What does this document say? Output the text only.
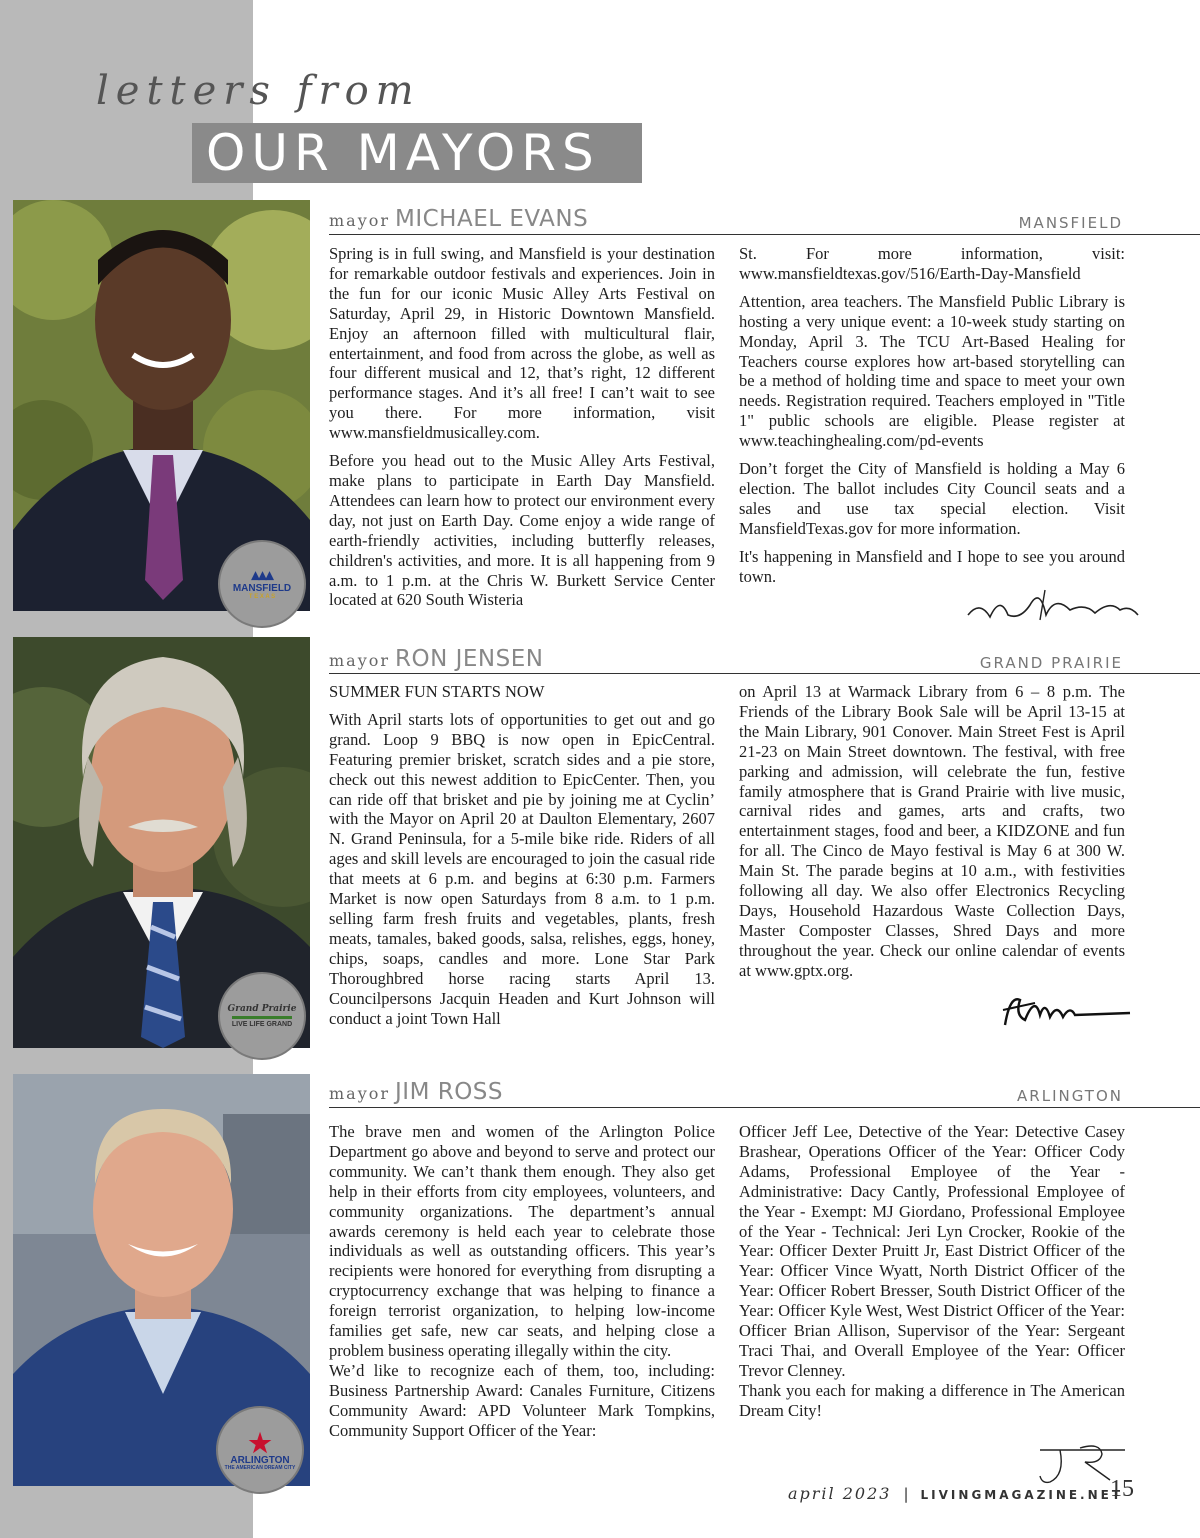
letters from
OUR MAYORS
▴▴▴
MANSFIELD
T E X A S
mayor MICHAEL EVANS	MANSFIELD

Spring is in full swing, and Mansfield is your destination for remarkable outdoor festivals and experiences. Join in the fun for our iconic Music Alley Arts Festival on Saturday, April 29, in Historic Downtown Mansfield. Enjoy an afternoon filled with multicultural flair, entertainment, and food from across the globe, as well as four different musical and 12, that’s right, 12 different performance stages. And it’s all free! I can’t wait to see you there. For more information, visit www.mansfieldmusicalley.com.

Before you head out to the Music Alley Arts Festival, make plans to participate in Earth Day Mansfield. Attendees can learn how to protect our environment every day, not just on Earth Day. Come enjoy a wide range of earth-friendly activities, including butterfly releases, children's activities, and more. It is all happening from 9 a.m. to 1 p.m. at the Chris W. Burkett Service Center located at 620 South Wisteria

St. For more information, visit: www.mansfieldtexas.gov/516/Earth-Day-Mansfield

Attention, area teachers. The Mansfield Public Library is hosting a very unique event: a 10-week study starting on Monday, April 3. The TCU Art-Based Healing for Teachers course explores how art-based storytelling can be a method of holding time and space to meet your own needs. Registration required. Teachers employed in "Title 1" public schools are eligible. Please register at www.teachinghealing.com/pd-events

Don’t forget the City of Mansfield is holding a May 6 election. The ballot includes City Council seats and a sales and use tax special election. Visit MansfieldTexas.gov for more information.

It's happening in Mansfield and I hope to see you around town.

Grand Prairie
LIVE LIFE GRAND
mayor RON JENSEN	GRAND PRAIRIE

SUMMER FUN STARTS NOW

With April starts lots of opportunities to get out and go grand. Loop 9 BBQ is now open in EpicCentral. Featuring premier brisket, scratch sides and a pie store, check out this newest addition to EpicCenter. Then, you can ride off that brisket and pie by joining me at Cyclin’ with the Mayor on April 20 at Daulton Elementary, 2607 N. Grand Peninsula, for a 5-mile bike ride. Riders of all ages and skill levels are encouraged to join the casual ride that meets at 6 p.m. and begins at 6:30 p.m. Farmers Market is now open Saturdays from 8 a.m. to 1 p.m. selling farm fresh fruits and vegetables, plants, fresh meats, tamales, baked goods, salsa, relishes, eggs, honey, chips, soaps, candles and more. Lone Star Park Thoroughbred horse racing starts April 13. Councilpersons Jacquin Headen and Kurt Johnson will conduct a joint Town Hall

on April 13 at Warmack Library from 6 – 8 p.m. The Friends of the Library Book Sale will be April 13-15 at the Main Library, 901 Conover. Main Street Fest is April 21-23 on Main Street downtown. The festival, with free parking and admission, will celebrate the fun, festive family atmosphere that is Grand Prairie with live music, carnival rides and games, arts and crafts, two entertainment stages, food and beer, a KIDZONE and fun for all. The Cinco de Mayo festival is May 6 at 300 W. Main St. The parade begins at 10 a.m., with festivities following all day. We also offer Electronics Recycling Days, Household Hazardous Waste Collection Days, Master Composter Classes, Shred Days and more throughout the year. Check our online calendar of events at www.gptx.org.

★
ARLINGTON
THE AMERICAN DREAM CITY
mayor JIM ROSS	ARLINGTON

The brave men and women of the Arlington Police Department go above and beyond to serve and protect our community. We can’t thank them enough. They also get help in their efforts from city employees, volunteers, and community organizations. The department’s annual awards ceremony is held each year to celebrate those individuals as well as outstanding officers. This year’s recipients were honored for everything from disrupting a cryptocurrency exchange that was helping to finance a foreign terrorist organization, to helping low-income families get safe, new car seats, and helping close a problem business operating illegally within the city.

We’d like to recognize each of them, too, including: Business Partnership Award: Canales Furniture, Citizens Community Award: APD Volunteer Mark Tompkins, Community Support Officer of the Year:

Officer Jeff Lee, Detective of the Year: Detective Casey Brashear, Operations Officer of the Year: Officer Cody Adams, Professional Employee of the Year - Administrative: Dacy Cantly, Professional Employee of the Year - Exempt: MJ Giordano, Professional Employee of the Year - Technical: Jeri Lyn Crocker, Rookie of the Year: Officer Dexter Pruitt Jr, East District Officer of the Year: Officer Vince Wyatt, North District Officer of the Year: Officer Robert Bresser, South District Officer of the Year: Officer Kyle West, West District Officer of the Year: Officer Brian Allison, Supervisor of the Year: Sergeant Traci Thai, and Overall Employee of the Year: Officer Trevor Clenney.

Thank you each for making a difference in The American Dream City!

april 2023 | LIVINGMAGAZINE.NET
15
